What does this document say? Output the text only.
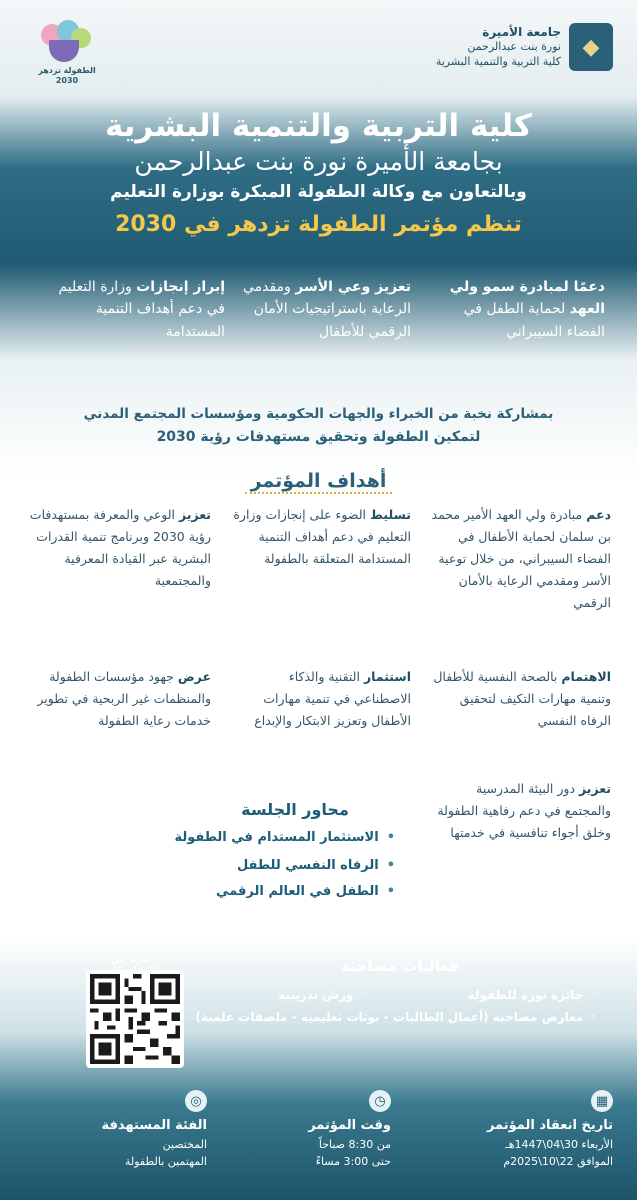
◆
جامعة الأميرة
نورة بنت عبدالرحمن
كلية التربية والتنمية البشرية
الطفولة تزدهر
2030
كلية التربية والتنمية البشرية
بجامعة الأميرة نورة بنت عبدالرحمن
وبالتعاون مع وكالة الطفولة المبكرة بوزارة التعليم
تنظم مؤتمر الطفولة تزدهر في 2030
دعمًا لمبادرة سمو ولي العهد لحماية الطفل في الفضاء السيبراني
تعزيز وعي الأسر ومقدمي الرعاية باستراتيجيات الأمان الرقمي للأطفال
إبراز إنجازات وزارة التعليم في دعم أهداف التنمية المستدامة
بمشاركة نخبة من الخبراء والجهات الحكومية ومؤسسات المجتمع المدني
لتمكين الطفولة وتحقيق مستهدفات رؤية 2030
أهداف المؤتمر
دعم مبادرة ولي العهد الأمير محمد بن سلمان لحماية الأطفال في الفضاء السيبراني، من خلال توعية الأسر ومقدمي الرعاية بالأمان الرقمي
تسليط الضوء على إنجازات وزارة التعليم في دعم أهداف التنمية المستدامة المتعلقة بالطفولة
تعزيز الوعي والمعرفة بمستهدفات رؤية 2030 وبرنامج تنمية القدرات البشرية عبر القيادة المعرفية والمجتمعية
الاهتمام بالصحة النفسية للأطفال وتنمية مهارات التكيف لتحقيق الرفاه النفسي
استثمار التقنية والذكاء الاصطناعي في تنمية مهارات الأطفال وتعزيز الابتكار والإبداع
عرض جهود مؤسسات الطفولة والمنظمات غير الربحية في تطوير خدمات رعاية الطفولة
تعزيز دور البيئة المدرسية والمجتمع في دعم رفاهية الطفولة وخلق أجواء تنافسية في خدمتها
محاور الجلسة
• الاستثمار المستدام في الطفولة
• الرفاه النفسي للطفل
• الطفل في العالم الرقمي
فعاليات مصاحبة
• جائزة نورة للطفولة
• ورش تدريبية
• معارض مصاحبة (أعمال الطالبات - بوثات تعليمية - ملصقات علمية)
لمزيد من
▦
تاريخ انعقاد المؤتمر
الأربعاء 30\04\1447هـ
الموافق 22\10\2025م
◷
وقت المؤتمر
من 8:30 صباحاً
حتى 3:00 مساءً
◎
الفئة المستهدفة
المختصين
المهتمين بالطفولة
